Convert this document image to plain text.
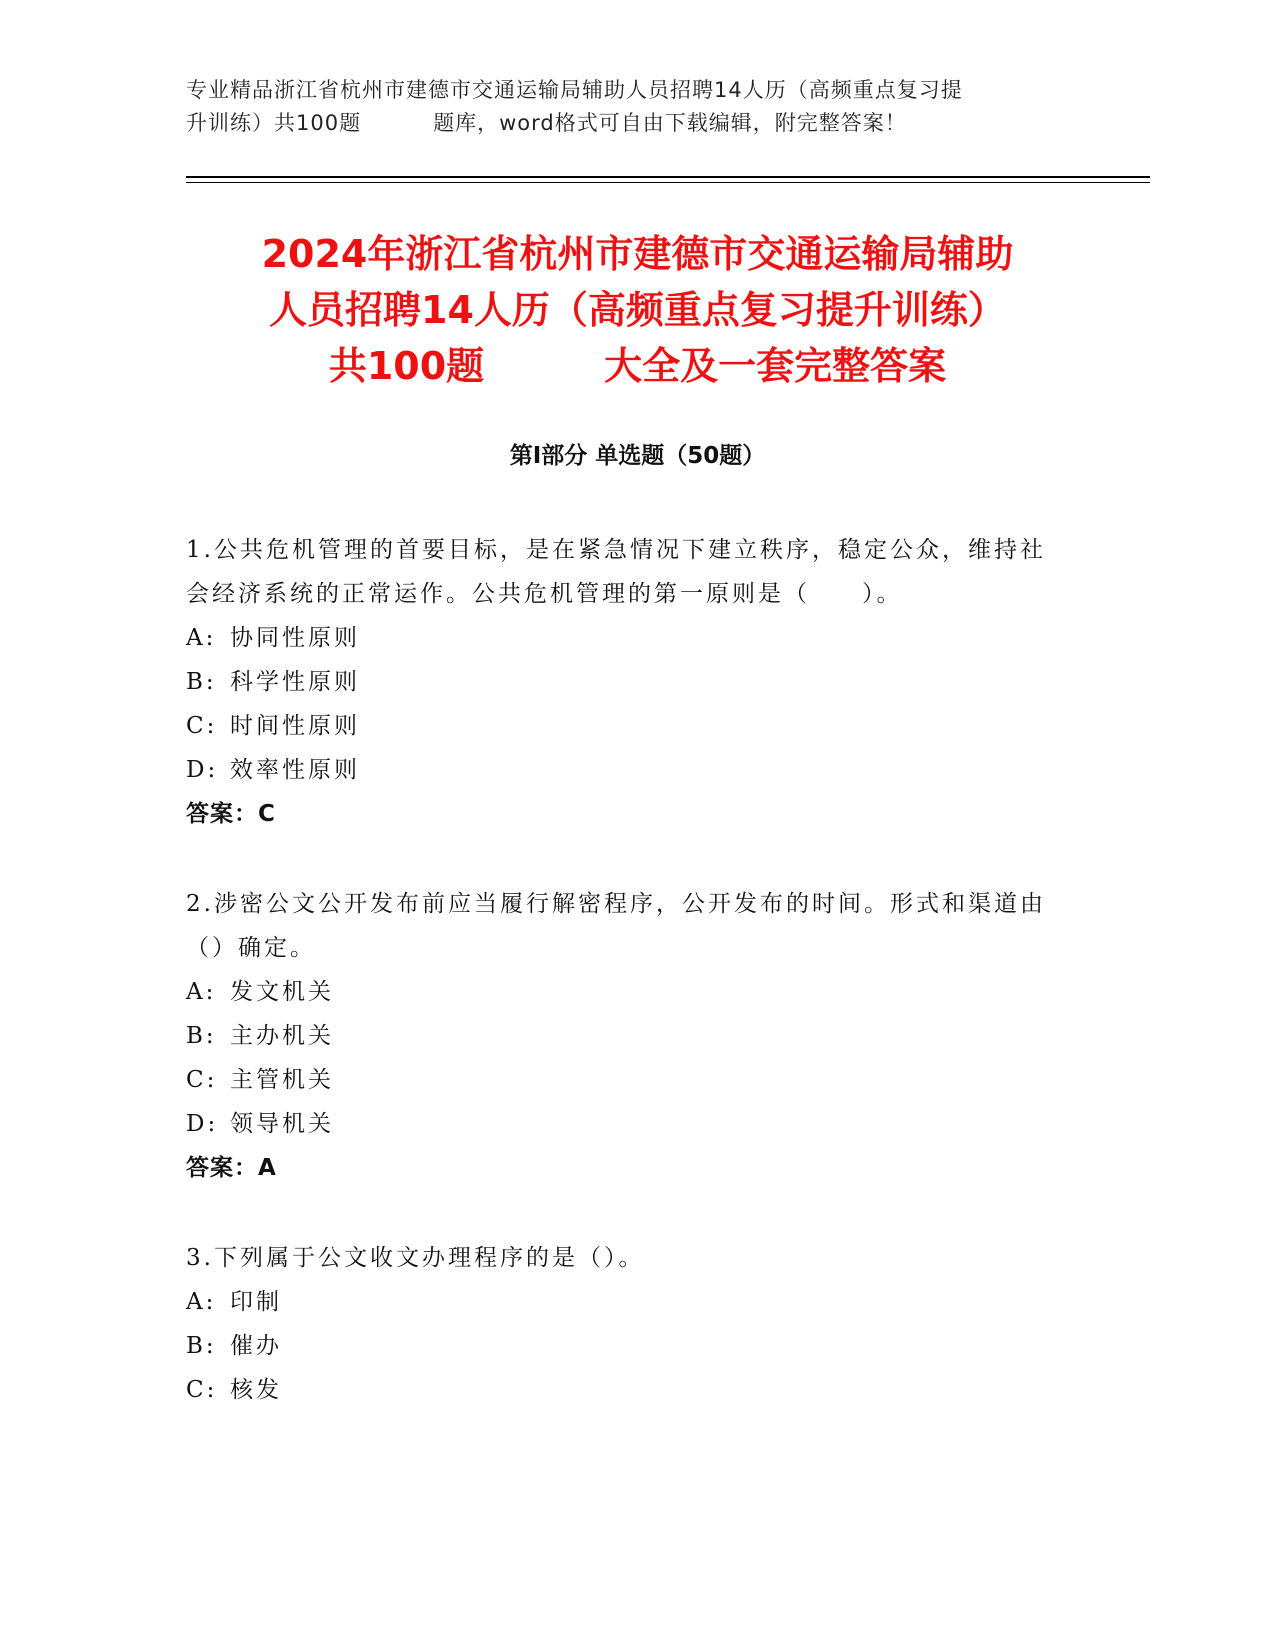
专业精品浙江省杭州市建德市交通运输局辅助人员招聘14人历（高频重点复习提
升训练）共100题	题库，word格式可自由下载编辑，附完整答案！
2024年浙江省杭州市建德市交通运输局辅助
人员招聘14人历（高频重点复习提升训练）
共100题	大全及一套完整答案
第Ⅰ部分 单选题（50题）

1.公共危机管理的首要目标，是在紧急情况下建立秩序，稳定公众，维持社会经济系统的正常运作。公共危机管理的第一原则是（　　）。

A: 协同性原则

B: 科学性原则

C: 时间性原则

D: 效率性原则

答案：C

2.涉密公文公开发布前应当履行解密程序，公开发布的时间。形式和渠道由（）确定。

A: 发文机关

B: 主办机关

C: 主管机关

D: 领导机关

答案：A

3.下列属于公文收文办理程序的是（）。

A: 印制

B: 催办

C: 核发
